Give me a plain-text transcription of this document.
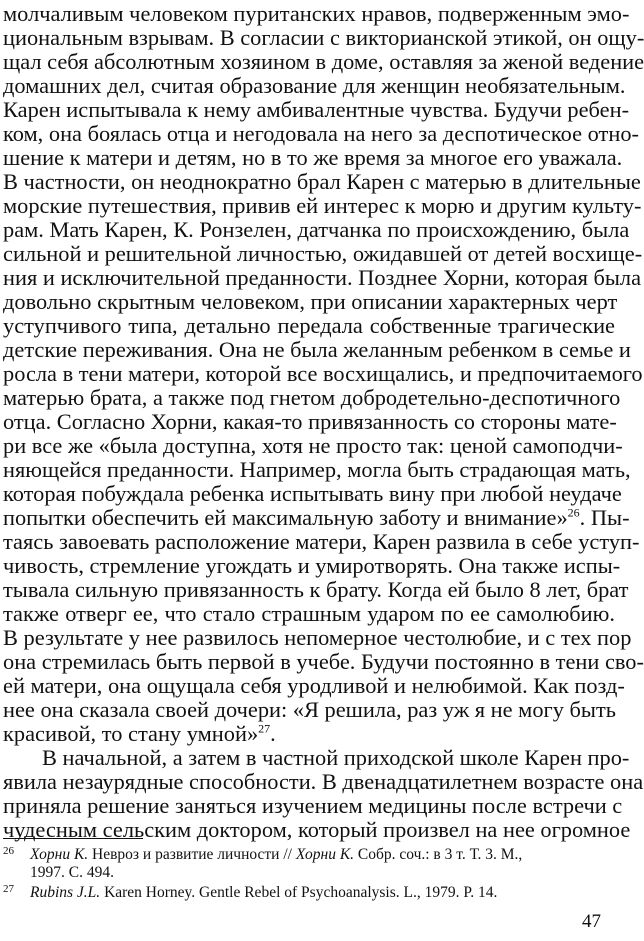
молчаливым человеком пуританских нравов, подверженным эмо-
циональным взрывам. В согласии с викторианской этикой, он ощу-
щал себя абсолютным хозяином в доме, оставляя за женой ведение
домашних дел, считая образование для женщин необязательным.
Карен испытывала к нему амбивалентные чувства. Будучи ребен-
ком, она боялась отца и негодовала на него за деспотическое отно-
шение к матери и детям, но в то же время за многое его уважала.
В частности, он неоднократно брал Карен с матерью в длительные
морские путешествия, привив ей интерес к морю и другим культу-
рам. Мать Карен, К. Ронзелен, датчанка по происхождению, была
сильной и решительной личностью, ожидавшей от детей восхище-
ния и исключительной преданности. Позднее Хорни, которая была
довольно скрытным человеком, при описании характерных черт
уступчивого типа, детально передала собственные трагические
детские переживания. Она не была желанным ребенком в семье и
росла в тени матери, которой все восхищались, и предпочитаемого
матерью брата, а также под гнетом добродетельно-деспотичного
отца. Согласно Хорни, какая-то привязанность со стороны мате-
ри все же «была доступна, хотя не просто так: ценой самоподчи-
няющейся преданности. Например, могла быть страдающая мать,
которая побуждала ребенка испытывать вину при любой неудаче
попытки обеспечить ей максимальную заботу и внимание»$^{26}$. Пы-
таясь завоевать расположение матери, Карен развила в себе уступ-
чивость, стремление угождать и умиротворять. Она также испы-
тывала сильную привязанность к брату. Когда ей было 8 лет, брат
также отверг ее, что стало страшным ударом по ее самолюбию.
В результате у нее развилось непомерное честолюбие, и с тех пор
она стремилась быть первой в учебе. Будучи постоянно в тени сво-
ей матери, она ощущала себя уродливой и нелюбимой. Как позд-
нее она сказала своей дочери: «Я решила, раз уж я не могу быть
красивой, то стану умной»$^{27}$.
В начальной, а затем в частной приходской школе Карен про-
явила незаурядные способности. В двенадцатилетнем возрасте она
приняла решение заняться изучением медицины после встречи с
чудесным сельским доктором, который произвел на нее огромное
26 Хорни К. Невроз и развитие личности // Хорни К. Собр. соч.: в 3 т. Т. 3. М.,
1997. С. 494.
27 Rubins J.L. Karen Horney. Gentle Rebel of Psychoanalysis. L., 1979. P. 14.
47
